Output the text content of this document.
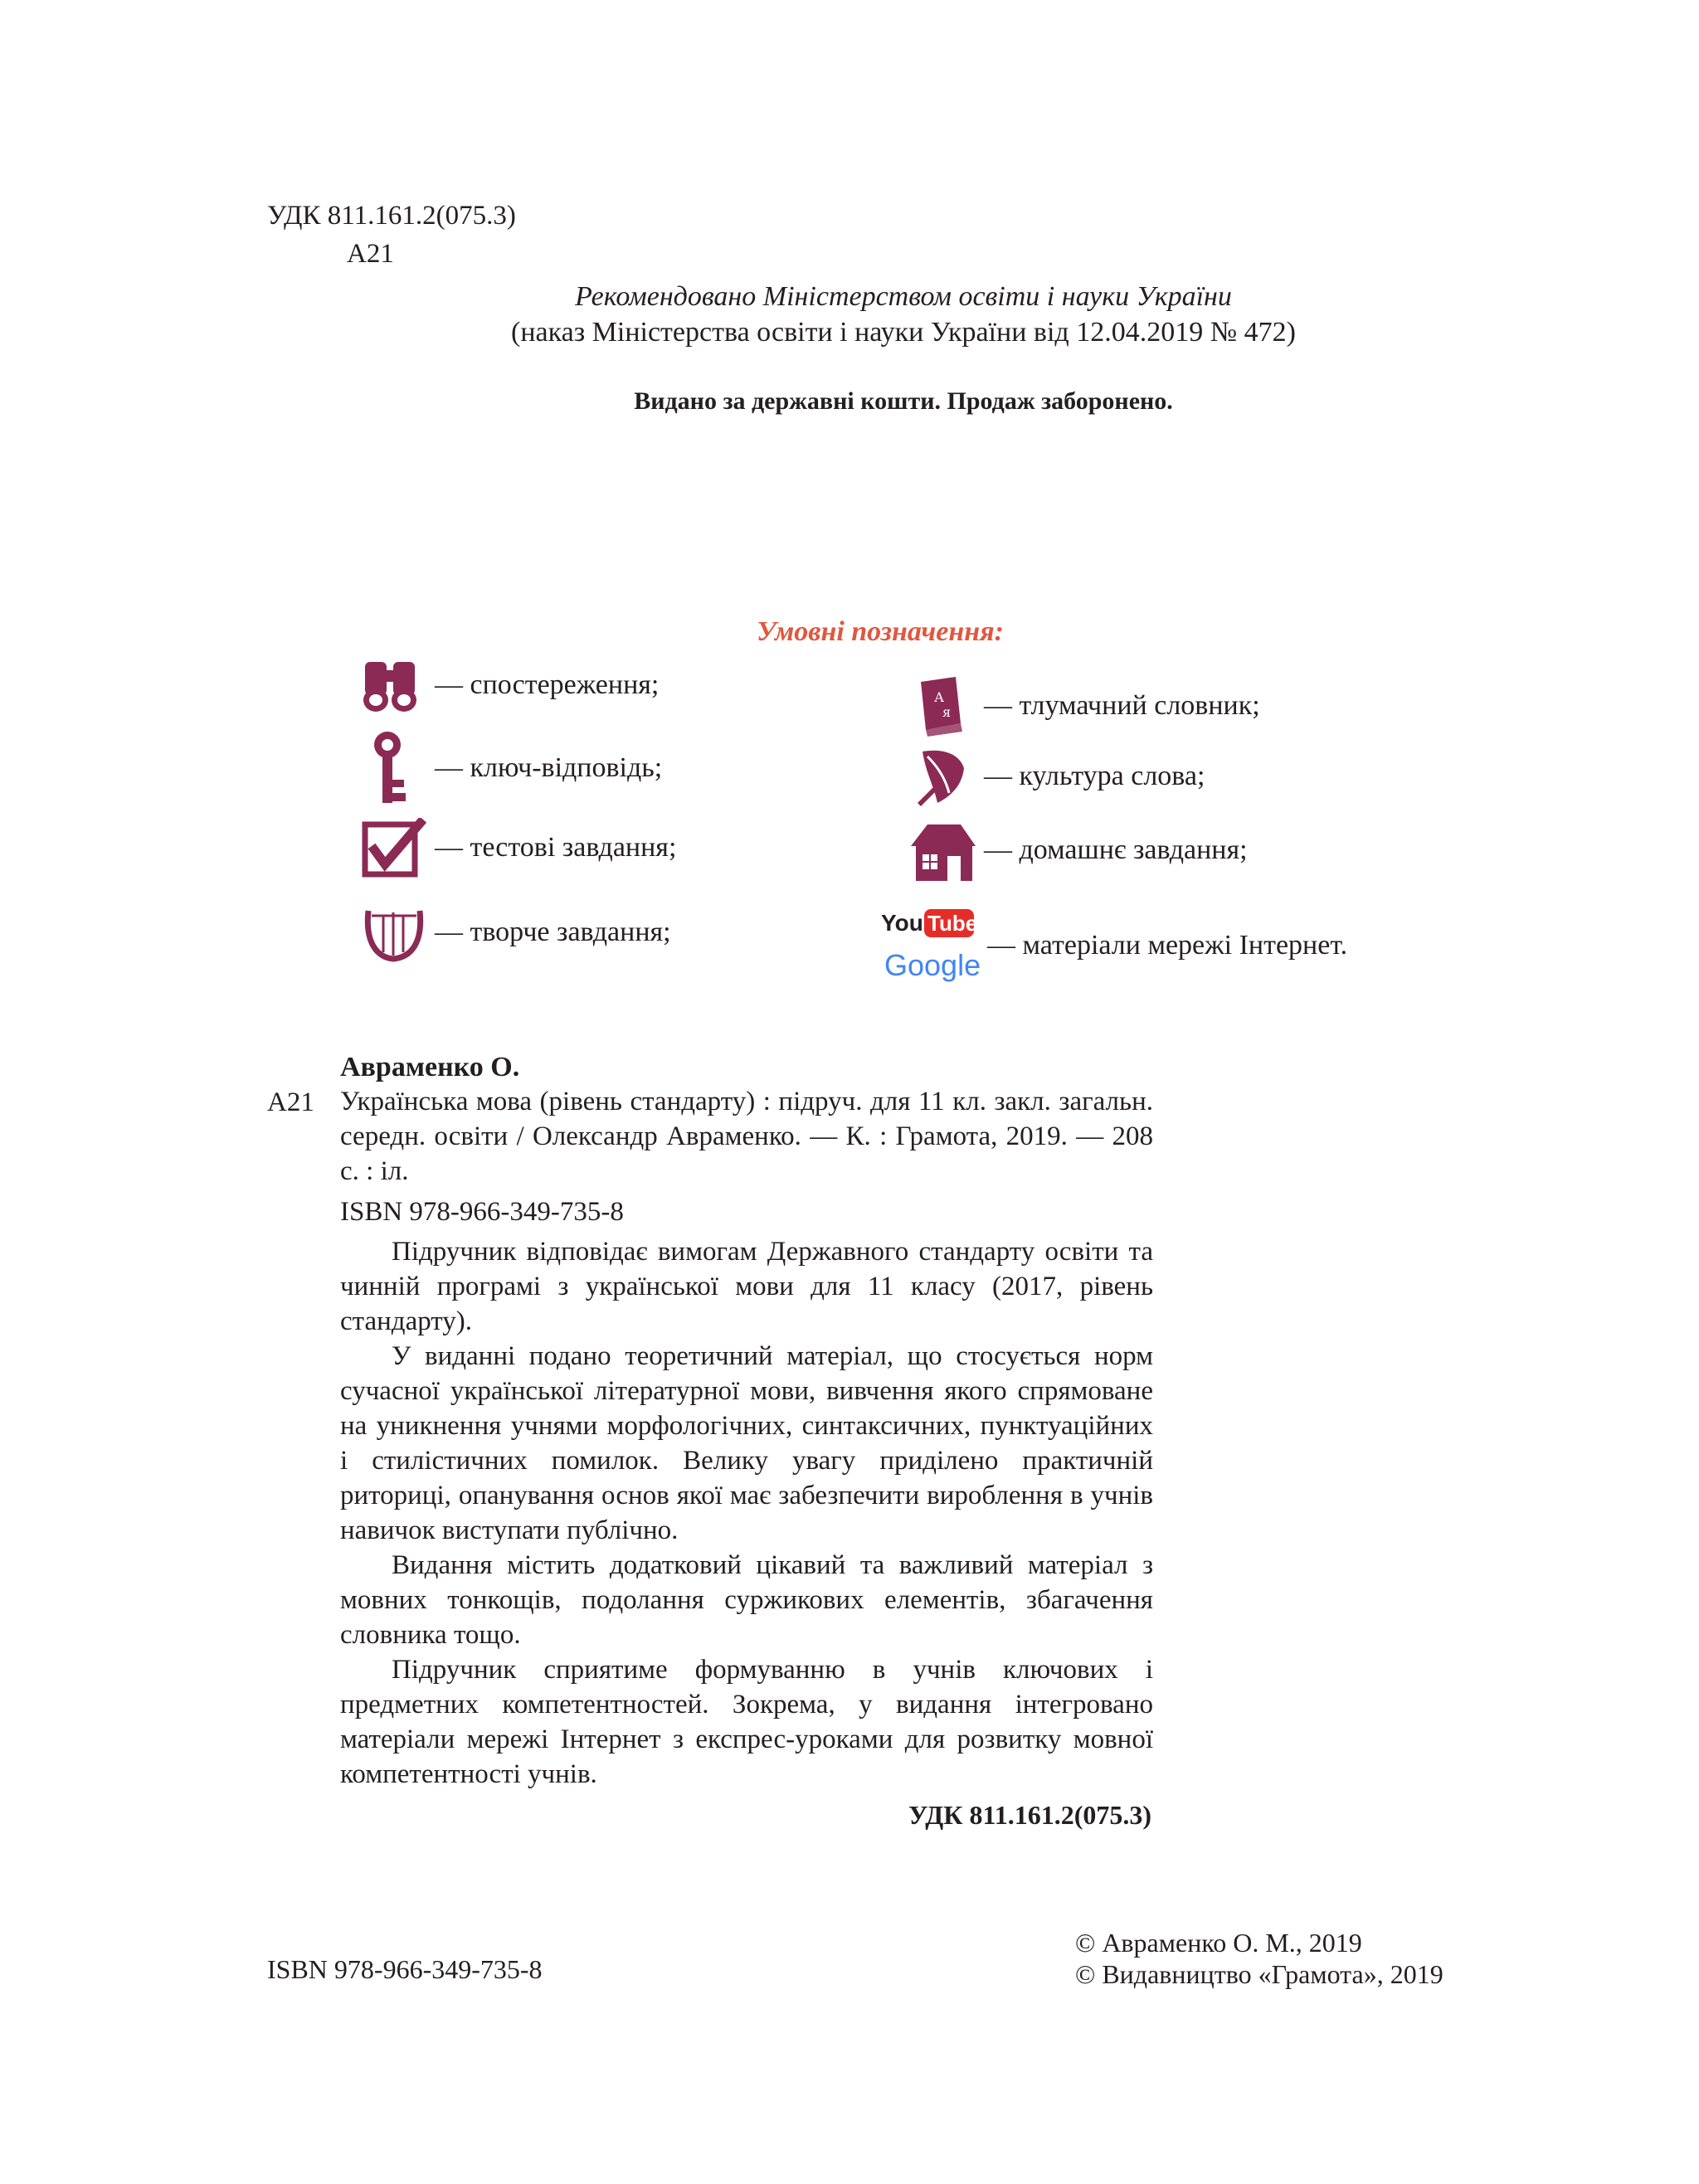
УДК 811.161.2(075.3)
А21
Рекомендовано Міністерством освіти і науки України
(наказ Міністерства освіти і науки України від 12.04.2019 № 472)
Видано за державні кошти. Продаж заборонено.
Умовні позначення:
— спостереження;
— ключ-відповідь;
— тестові завдання;
— творче завдання;
А
я — тлумачний словник;
— культура слова;
— домашнє завдання;
You Tube
Google
— матеріали мережі Інтернет.
Авраменко О.
А21 Українська мова (рівень стандарту) : підруч. для 11 кл. закл. загальн. середн. освіти / Олександр Авраменко. — К. : Грамота, 2019. — 208 с. : іл.
ISBN 978-966-349-735-8

Підручник відповідає вимогам Державного стандарту освіти та чинній програмі з української мови для 11 класу (2017, рівень стандарту).

У виданні подано теоретичний матеріал, що стосується норм сучасної української літературної мови, вивчення якого спрямоване на уникнення учнями морфологічних, синтаксичних, пунктуаційних і стилістичних помилок. Велику увагу приділено практичній риториці, опанування основ якої має забезпечити вироблення в учнів навичок виступати публічно.

Видання містить додатковий цікавий та важливий матеріал з мовних тонкощів, подолання суржикових елементів, збагачення словника тощо.

Підручник сприятиме формуванню в учнів ключових і предметних компетентностей. Зокрема, у видання інтегровано матеріали мережі Інтернет з експрес-уроками для розвитку мовної компетентності учнів.

УДК 811.161.2(075.3)
ISBN 978-966-349-735-8
© Авраменко О. М., 2019
© Видавництво «Грамота», 2019
